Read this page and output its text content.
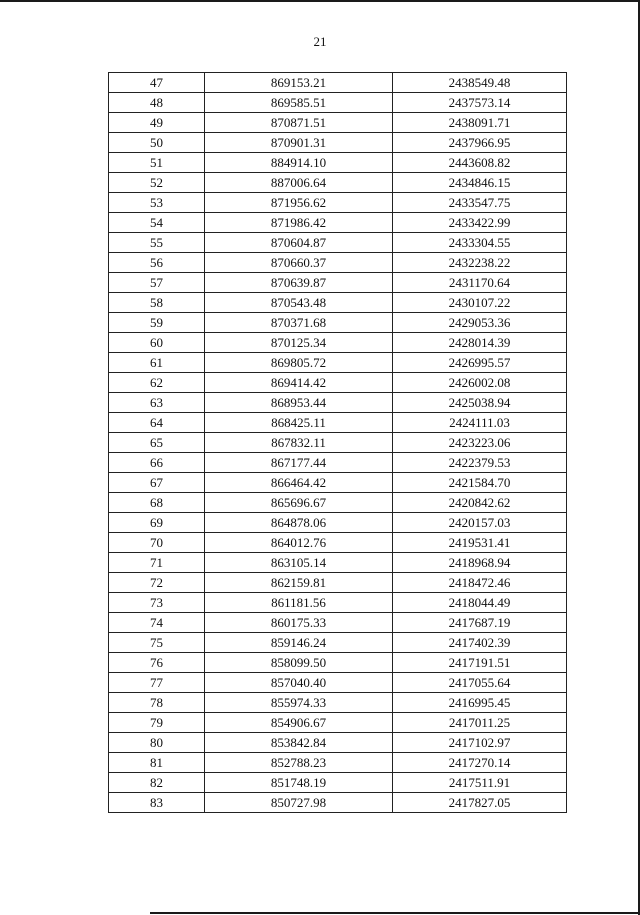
21
47	869153.21	2438549.48
48	869585.51	2437573.14
49	870871.51	2438091.71
50	870901.31	2437966.95
51	884914.10	2443608.82
52	887006.64	2434846.15
53	871956.62	2433547.75
54	871986.42	2433422.99
55	870604.87	2433304.55
56	870660.37	2432238.22
57	870639.87	2431170.64
58	870543.48	2430107.22
59	870371.68	2429053.36
60	870125.34	2428014.39
61	869805.72	2426995.57
62	869414.42	2426002.08
63	868953.44	2425038.94
64	868425.11	2424111.03
65	867832.11	2423223.06
66	867177.44	2422379.53
67	866464.42	2421584.70
68	865696.67	2420842.62
69	864878.06	2420157.03
70	864012.76	2419531.41
71	863105.14	2418968.94
72	862159.81	2418472.46
73	861181.56	2418044.49
74	860175.33	2417687.19
75	859146.24	2417402.39
76	858099.50	2417191.51
77	857040.40	2417055.64
78	855974.33	2416995.45
79	854906.67	2417011.25
80	853842.84	2417102.97
81	852788.23	2417270.14
82	851748.19	2417511.91
83	850727.98	2417827.05
